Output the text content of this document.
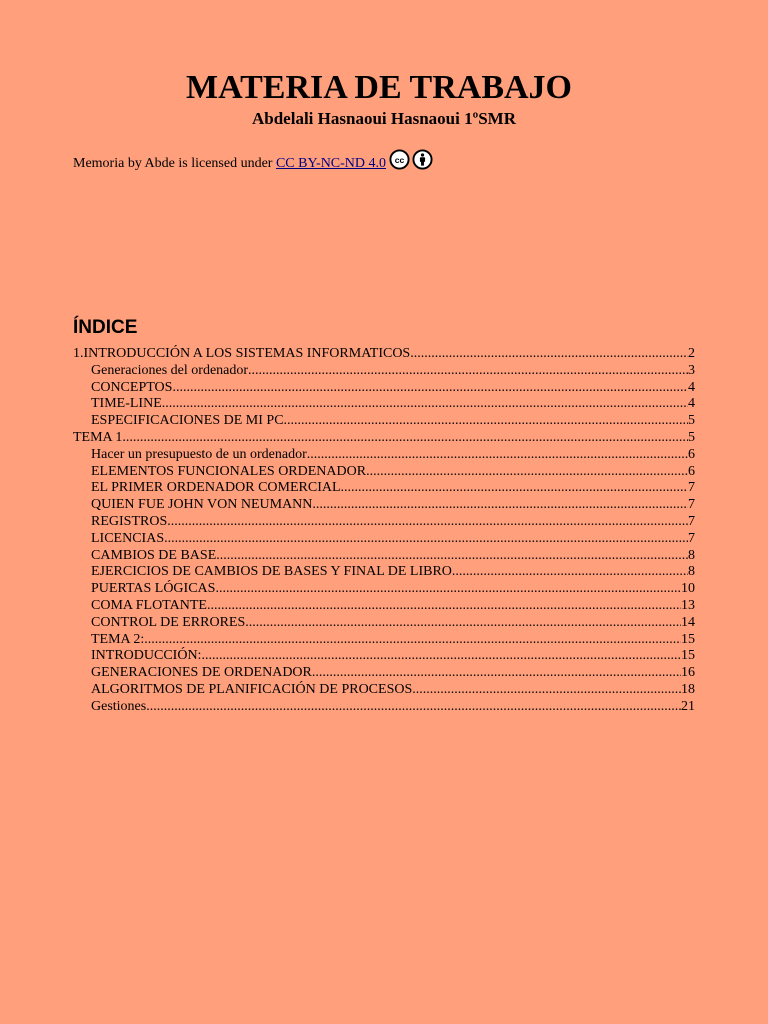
MATERIA DE TRABAJO
Abdelali Hasnaoui Hasnaoui 1ºSMR
Memoria by Abde is licensed under CC BY-NC-ND 4.0 cc
ÍNDICE
1.INTRODUCCIÓN A LOS SISTEMAS INFORMATICOS .....	2
Generaciones del ordenador .....	3
CONCEPTOS .....	4
TIME-LINE .....	4
ESPECIFICACIONES DE MI PC .....	5
TEMA 1 .....	5
Hacer un presupuesto de un ordenador .....	6
ELEMENTOS FUNCIONALES ORDENADOR .....	6
EL PRIMER ORDENADOR COMERCIAL .....	7
QUIEN FUE JOHN VON NEUMANN .....	7
REGISTROS .....	7
LICENCIAS .....	7
CAMBIOS DE BASE .....	8
EJERCICIOS DE CAMBIOS DE BASES Y FINAL DE LIBRO .....	8
PUERTAS LÓGICAS .....	10
COMA FLOTANTE .....	13
CONTROL DE ERRORES .....	14
TEMA 2: .....	15
INTRODUCCIÓN: .....	15
GENERACIONES DE ORDENADOR .....	16
ALGORITMOS DE PLANIFICACIÓN DE PROCESOS .....	18
Gestiones .....	21
